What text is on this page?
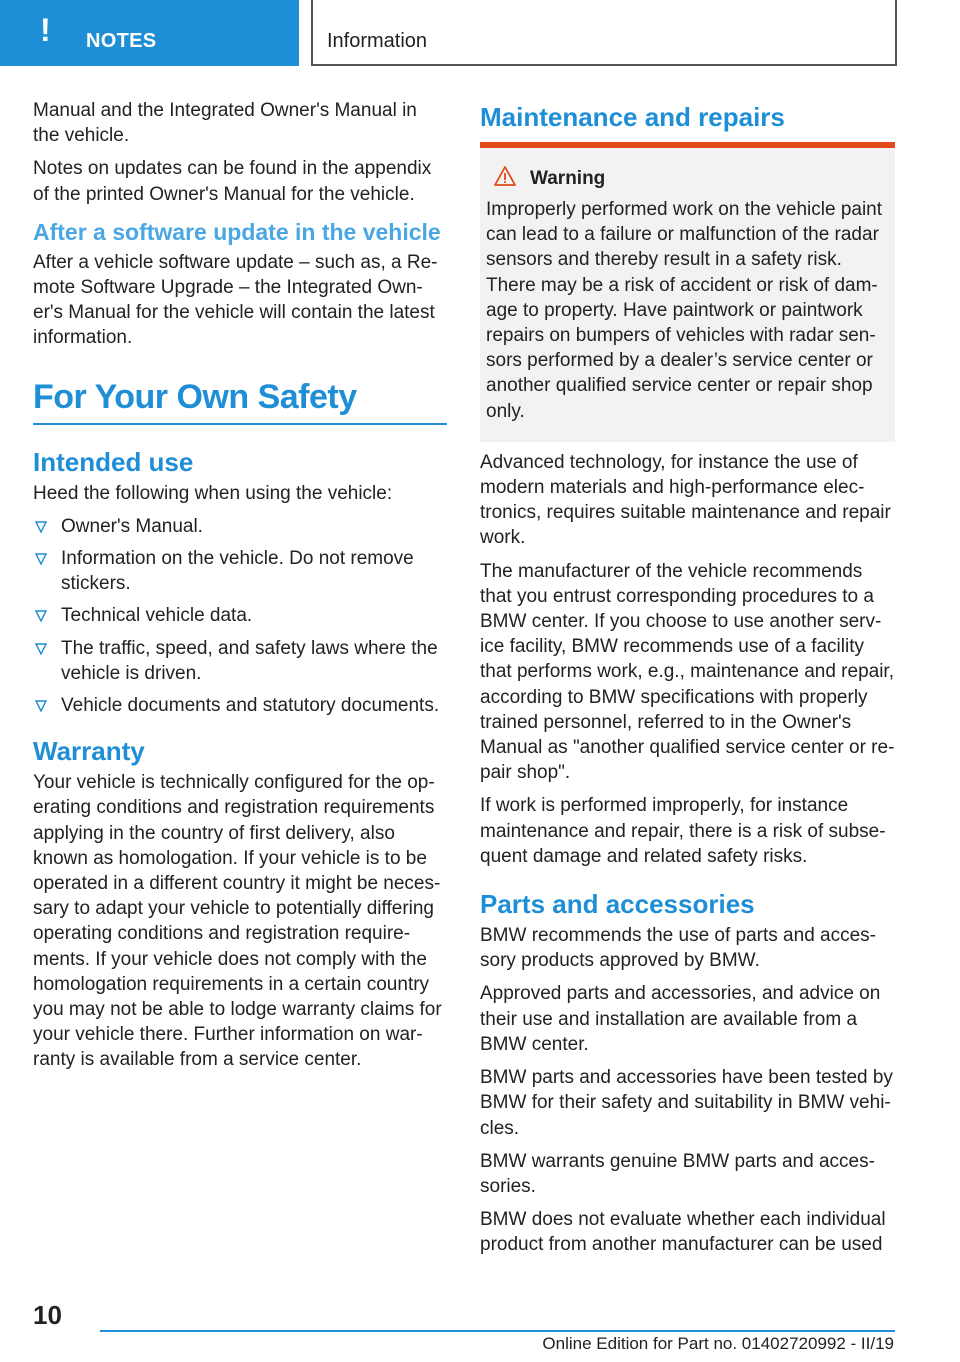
! NOTES	Information

Manual and the Integrated Owner's Manual in the vehicle.

Notes on updates can be found in the appendix of the printed Owner's Manual for the vehicle.

After a software update in the vehicle

After a vehicle software update – such as, a Re‐mote Software Upgrade – the Integrated Own‐er's Manual for the vehicle will contain the latest information.

For Your Own Safety
Intended use

Heed the following when using the vehicle:

Owner's Manual.
Information on the vehicle. Do not remove stickers.
Technical vehicle data.
The traffic, speed, and safety laws where the vehicle is driven.
Vehicle documents and statutory documents.
Warranty

Your vehicle is technically configured for the op‐erating conditions and registration requirements applying in the country of first delivery, also known as homologation. If your vehicle is to be operated in a different country it might be neces‐sary to adapt your vehicle to potentially differing operating conditions and registration require‐ments. If your vehicle does not comply with the homologation requirements in a certain country you may not be able to lodge warranty claims for your vehicle there. Further information on war‐ranty is available from a service center.

Maintenance and repairs
Warning

Improperly performed work on the vehicle paint can lead to a failure or malfunction of the radar sensors and thereby result in a safety risk. There may be a risk of accident or risk of dam‐age to property. Have paintwork or paintwork repairs on bumpers of vehicles with radar sen‐sors performed by a dealer’s service center or another qualified service center or repair shop only.

Advanced technology, for instance the use of modern materials and high-performance elec‐tronics, requires suitable maintenance and repair work.

The manufacturer of the vehicle recommends that you entrust corresponding procedures to a BMW center. If you choose to use another serv‐ice facility, BMW recommends use of a facility that performs work, e.g., maintenance and repair, according to BMW specifications with properly trained personnel, referred to in the Owner's Manual as "another qualified service center or re‐pair shop".

If work is performed improperly, for instance maintenance and repair, there is a risk of subse‐quent damage and related safety risks.

Parts and accessories

BMW recommends the use of parts and acces‐sory products approved by BMW.

Approved parts and accessories, and advice on their use and installation are available from a BMW center.

BMW parts and accessories have been tested by BMW for their safety and suitability in BMW vehi‐cles.

BMW warrants genuine BMW parts and acces‐sories.

BMW does not evaluate whether each individual product from another manufacturer can be used

10
Online Edition for Part no. 01402720992 - II/19
